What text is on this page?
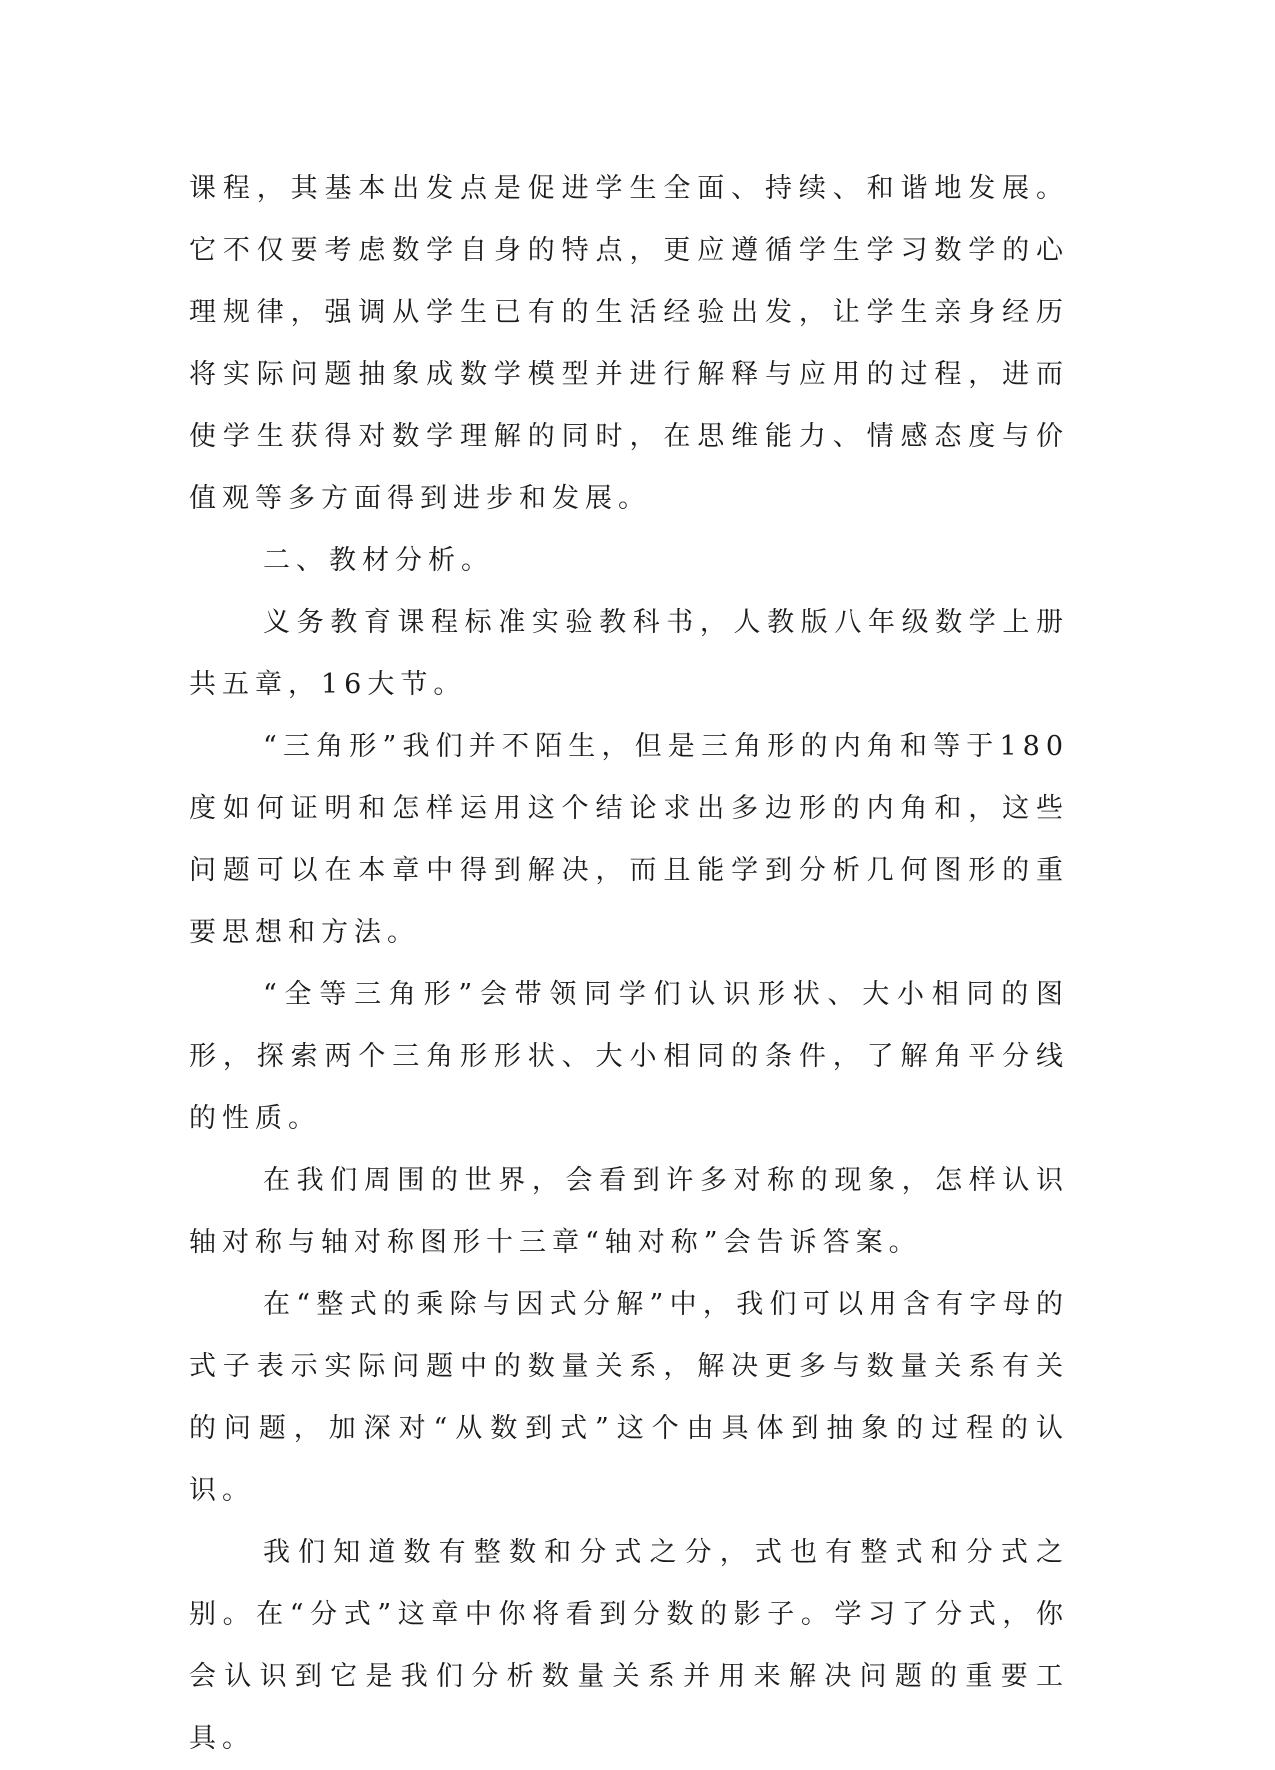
课程，其基本出发点是促进学生全面、持续、和谐地发展。它不仅要考虑数学自身的特点，更应遵循学生学习数学的心理规律，强调从学生已有的生活经验出发，让学生亲身经历将实际问题抽象成数学模型并进行解释与应用的过程，进而使学生获得对数学理解的同时，在思维能力、情感态度与价值观等多方面得到进步和发展。

二、教材分析。

义务教育课程标准实验教科书，人教版八年级数学上册共五章，16大节。

“三角形”我们并不陌生，但是三角形的内角和等于180度如何证明和怎样运用这个结论求出多边形的内角和，这些问题可以在本章中得到解决，而且能学到分析几何图形的重要思想和方法。

“全等三角形”会带领同学们认识形状、大小相同的图形，探索两个三角形形状、大小相同的条件，了解角平分线的性质。

在我们周围的世界，会看到许多对称的现象，怎样认识轴对称与轴对称图形十三章“轴对称”会告诉答案。

在“整式的乘除与因式分解”中，我们可以用含有字母的式子表示实际问题中的数量关系，解决更多与数量关系有关的问题，加深对“从数到式”这个由具体到抽象的过程的认识。

我们知道数有整数和分式之分，式也有整式和分式之别。在“分式”这章中你将看到分数的影子。学习了分式，你会认识到它是我们分析数量关系并用来解决问题的重要工具。
